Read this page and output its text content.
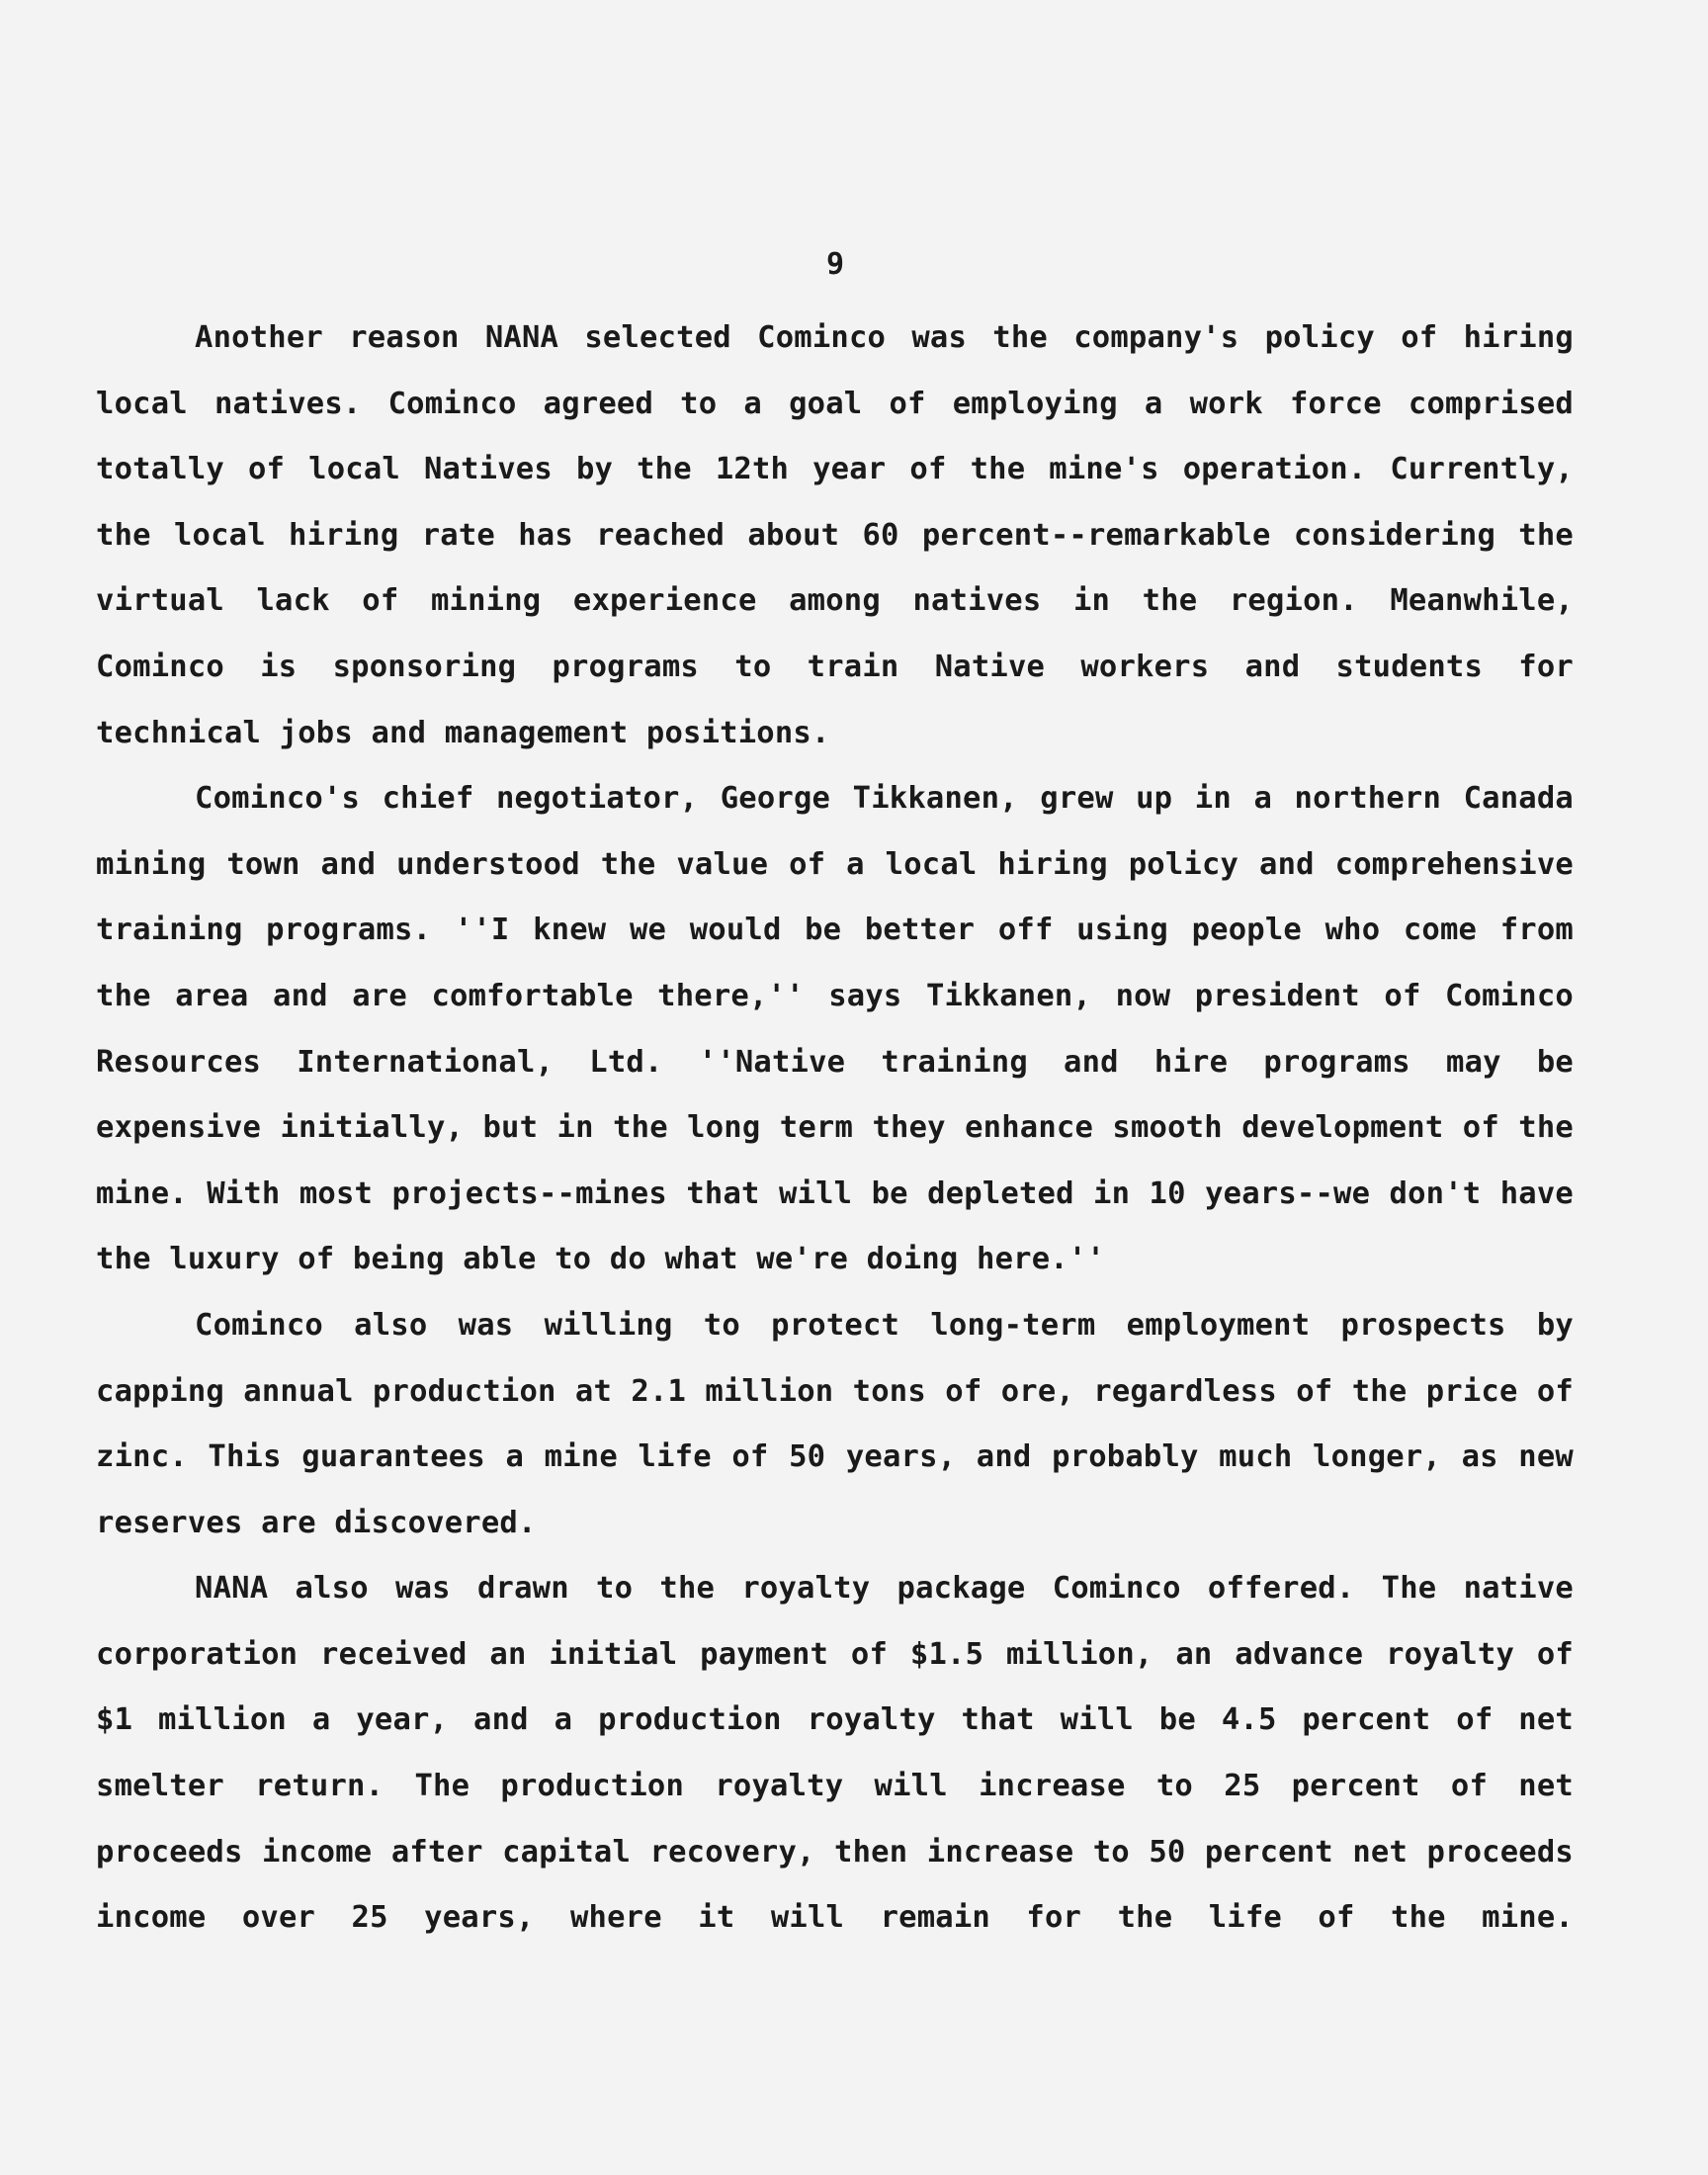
9

Another reason NANA selected Cominco was the company's policy of hiring local natives. Cominco agreed to a goal of employing a work force comprised totally of local Natives by the 12th year of the mine's operation. Currently, the local hiring rate has reached about 60 percent--remarkable considering the virtual lack of mining experience among natives in the region. Meanwhile, Cominco is sponsoring programs to train Native workers and students for technical jobs and management positions.

Cominco's chief negotiator, George Tikkanen, grew up in a northern Canada mining town and understood the value of a local hiring policy and comprehensive training programs. ''I knew we would be better off using people who come from the area and are comfortable there,'' says Tikkanen, now president of Cominco Resources International, Ltd. ''Native training and hire programs may be expensive initially, but in the long term they enhance smooth development of the mine. With most projects--mines that will be depleted in 10 years--we don't have the luxury of being able to do what we're doing here.''

Cominco also was willing to protect long-term employment prospects by capping annual production at 2.1 million tons of ore, regardless of the price of zinc. This guarantees a mine life of 50 years, and probably much longer, as new reserves are discovered.

NANA also was drawn to the royalty package Cominco offered. The native corporation received an initial payment of $1.5 million, an advance royalty of $1 million a year, and a production royalty that will be 4.5 percent of net smelter return. The production royalty will increase to 25 percent of net proceeds income after capital recovery, then increase to 50 percent net proceeds income over 25 years, where it will remain for the life of the mine.
